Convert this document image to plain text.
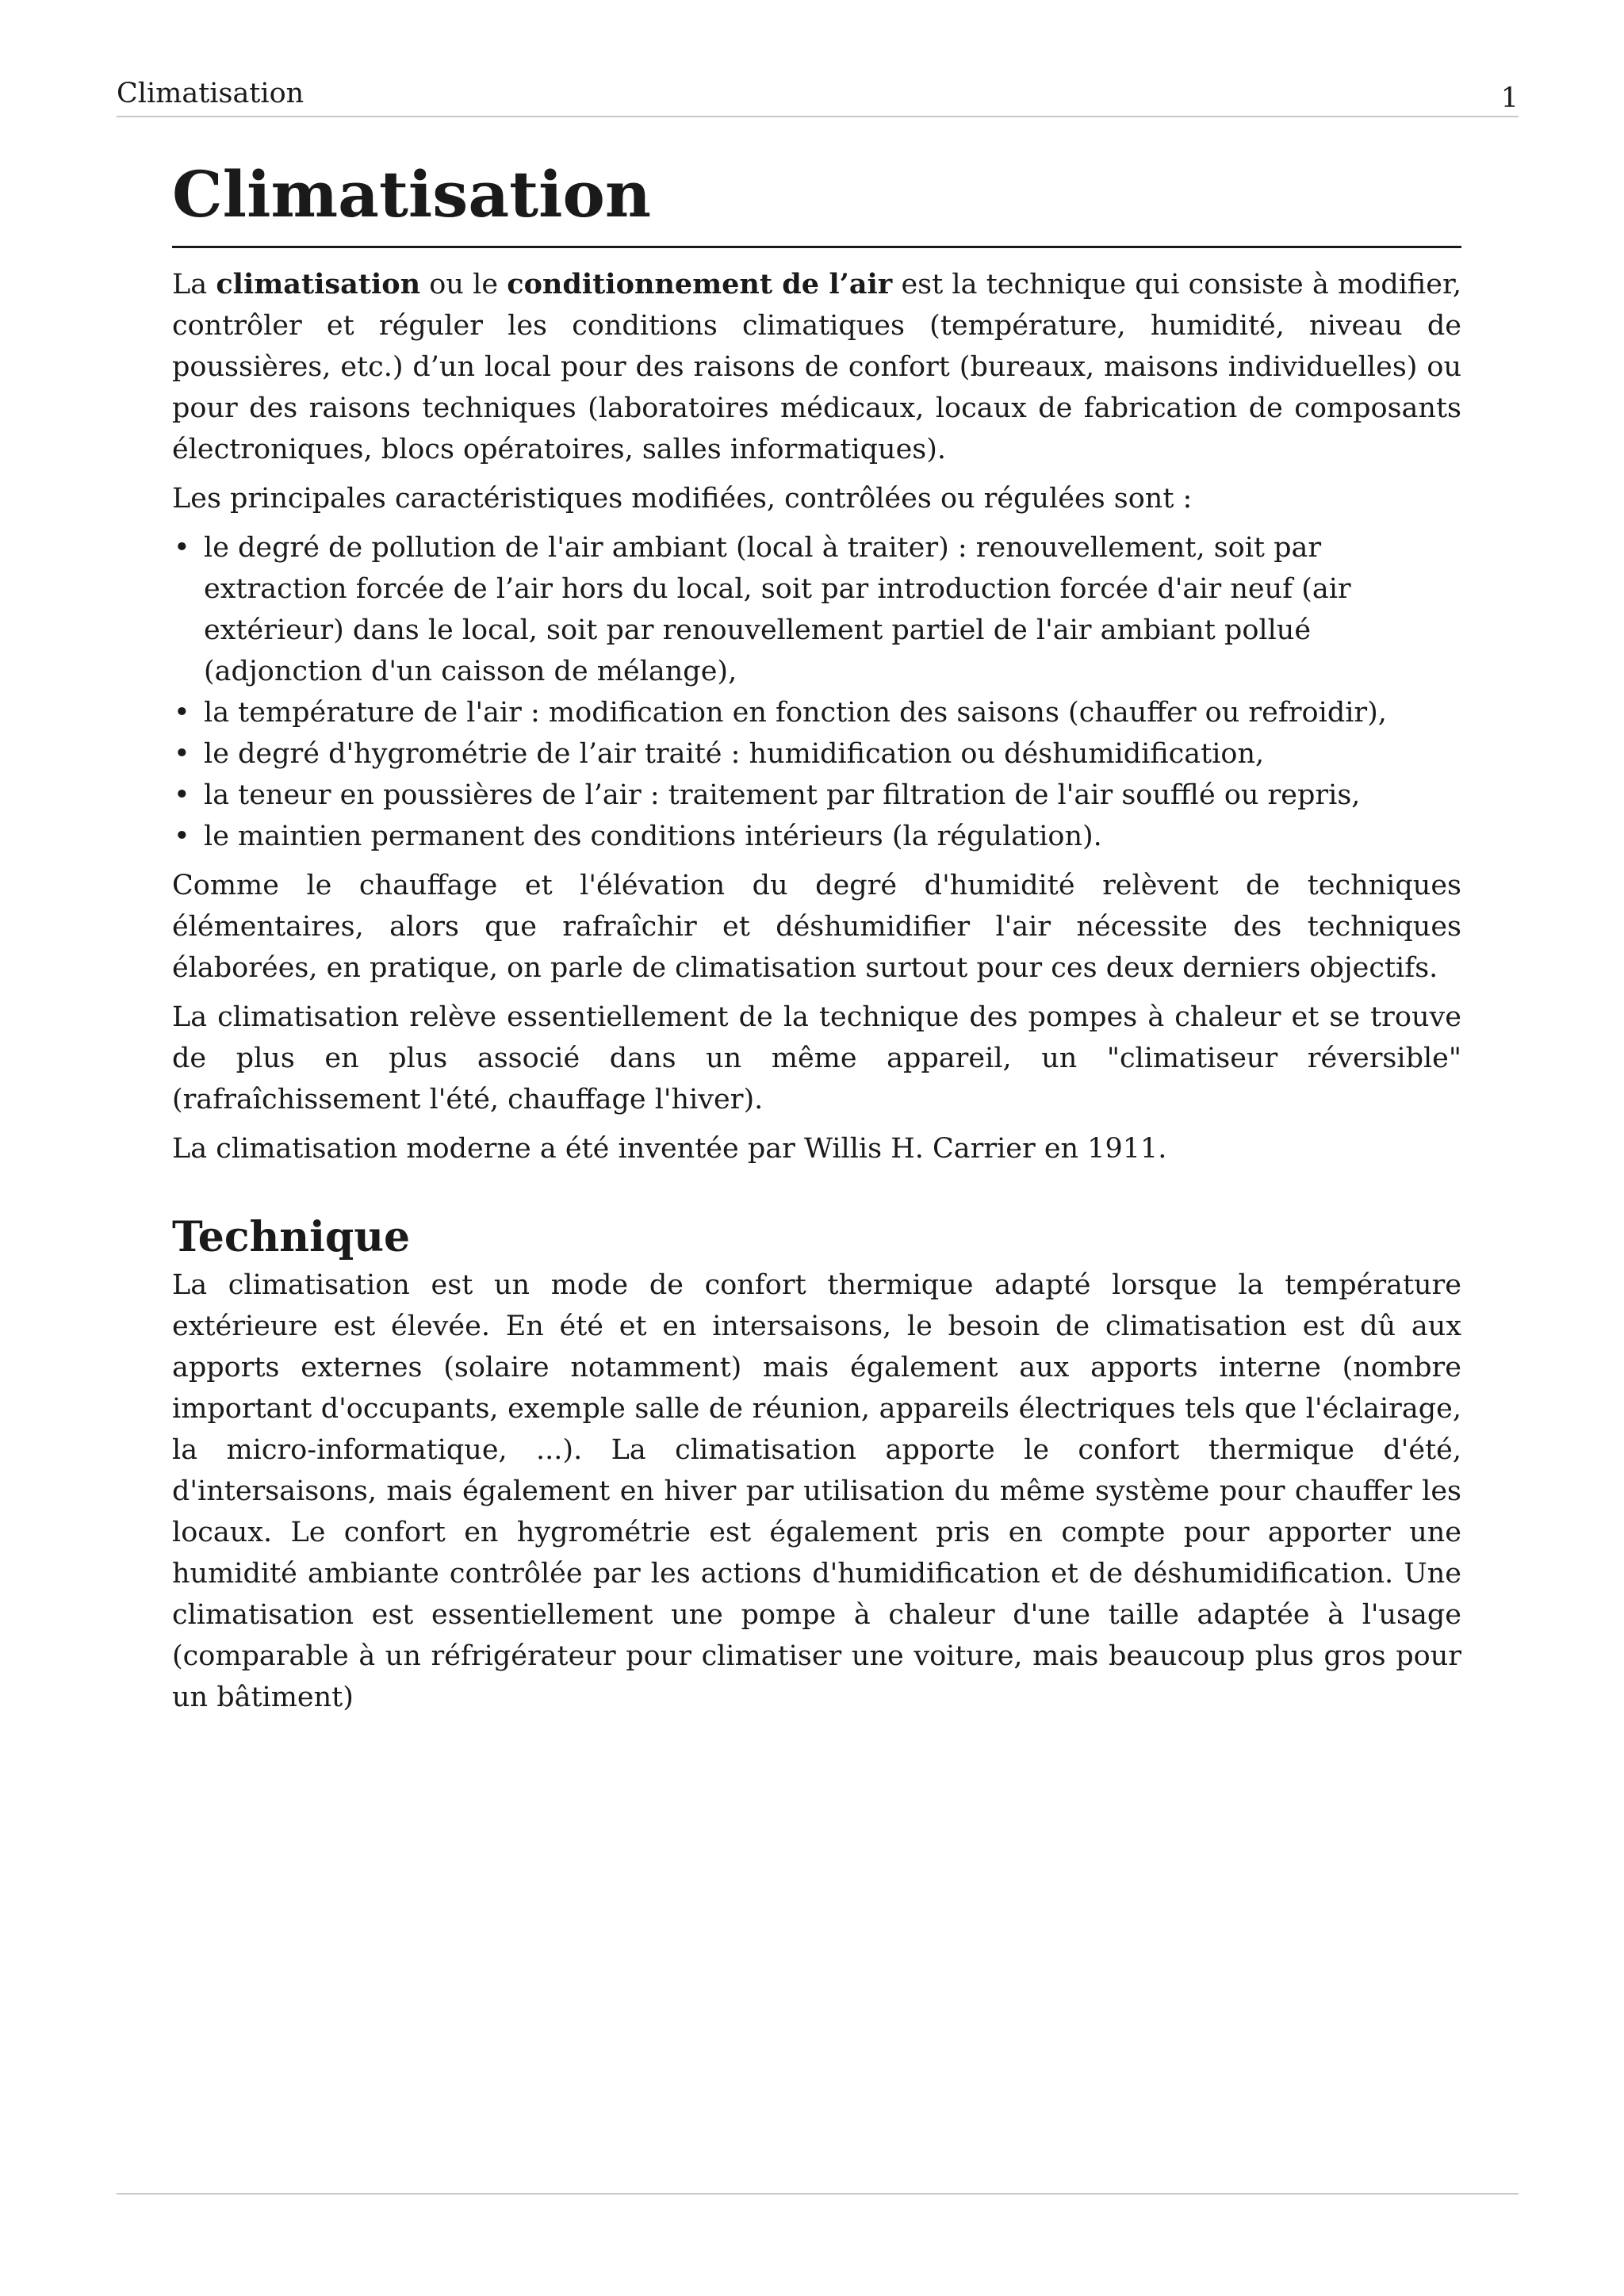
Climatisation	1
Climatisation

La climatisation ou le conditionnement de l’air est la technique qui consiste à modifier, contrôler et réguler les conditions climatiques (température, humidité, niveau de poussières, etc.) d’un local pour des raisons de confort (bureaux, maisons individuelles) ou pour des raisons techniques (laboratoires médicaux, locaux de fabrication de composants électroniques, blocs opératoires, salles informatiques).

Les principales caractéristiques modifiées, contrôlées ou régulées sont :

• le degré de pollution de l'air ambiant (local à traiter) : renouvellement, soit par extraction forcée de l’air hors du local, soit par introduction forcée d'air neuf (air extérieur) dans le local, soit par renouvellement partiel de l'air ambiant pollué (adjonction d'un caisson de mélange),
• la température de l'air : modification en fonction des saisons (chauffer ou refroidir),
• le degré d'hygrométrie de l’air traité : humidification ou déshumidification,
• la teneur en poussières de l’air : traitement par filtration de l'air soufflé ou repris,
• le maintien permanent des conditions intérieurs (la régulation).

Comme le chauffage et l'élévation du degré d'humidité relèvent de techniques élémentaires, alors que rafraîchir et déshumidifier l'air nécessite des techniques élaborées, en pratique, on parle de climatisation surtout pour ces deux derniers objectifs.

La climatisation relève essentiellement de la technique des pompes à chaleur et se trouve de plus en plus associé dans un même appareil, un "climatiseur réversible" (rafraîchissement l'été, chauffage l'hiver).

La climatisation moderne a été inventée par Willis H. Carrier en 1911.

Technique

La climatisation est un mode de confort thermique adapté lorsque la température extérieure est élevée. En été et en intersaisons, le besoin de climatisation est dû aux apports externes (solaire notamment) mais également aux apports interne (nombre important d'occupants, exemple salle de réunion, appareils électriques tels que l'éclairage, la micro-informatique, ...). La climatisation apporte le confort thermique d'été, d'intersaisons, mais également en hiver par utilisation du même système pour chauffer les locaux. Le confort en hygrométrie est également pris en compte pour apporter une humidité ambiante contrôlée par les actions d'humidification et de déshumidification. Une climatisation est essentiellement une pompe à chaleur d'une taille adaptée à l'usage (comparable à un réfrigérateur pour climatiser une voiture, mais beaucoup plus gros pour un bâtiment)
